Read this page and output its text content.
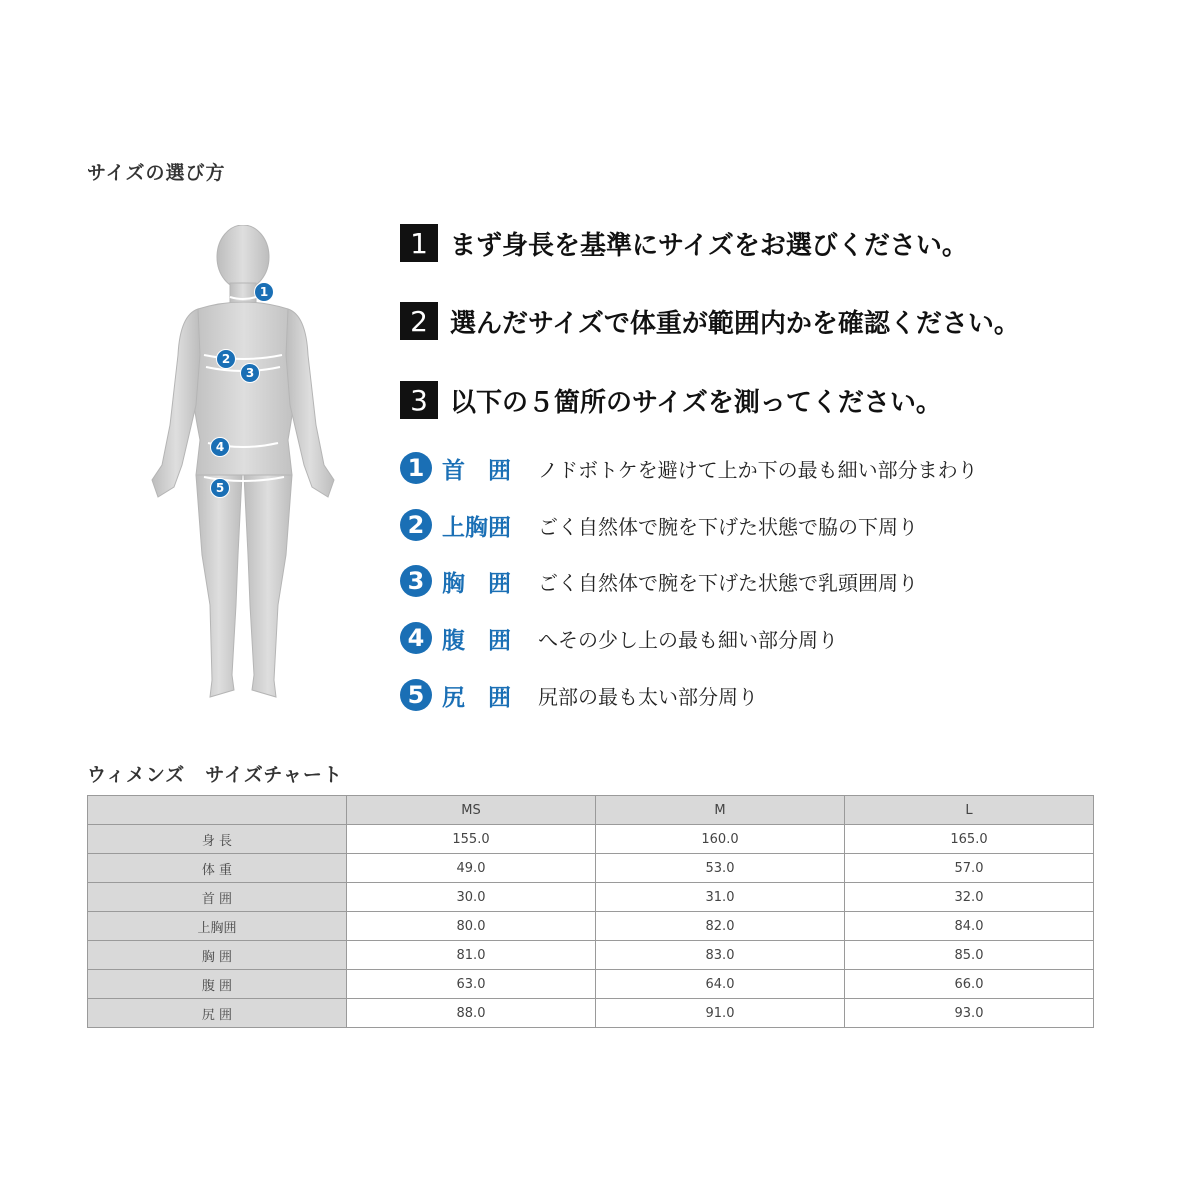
サイズの選び方
1
2
3
4
5
1 まず身長を基準にサイズをお選びください。
2 選んだサイズで体重が範囲内かを確認ください。
3 以下の５箇所のサイズを測ってください。
1 首　囲	ノドボトケを避けて上か下の最も細い部分まわり
2 上胸囲	ごく自然体で腕を下げた状態で脇の下周り
3 胸　囲	ごく自然体で腕を下げた状態で乳頭囲周り
4 腹　囲	へその少し上の最も細い部分周り
5 尻　囲	尻部の最も太い部分周り
ウィメンズ　サイズチャート
	MS	M	L
身 長	155.0	160.0	165.0
体 重	49.0	53.0	57.0
首 囲	30.0	31.0	32.0
上胸囲	80.0	82.0	84.0
胸 囲	81.0	83.0	85.0
腹 囲	63.0	64.0	66.0
尻 囲	88.0	91.0	93.0
